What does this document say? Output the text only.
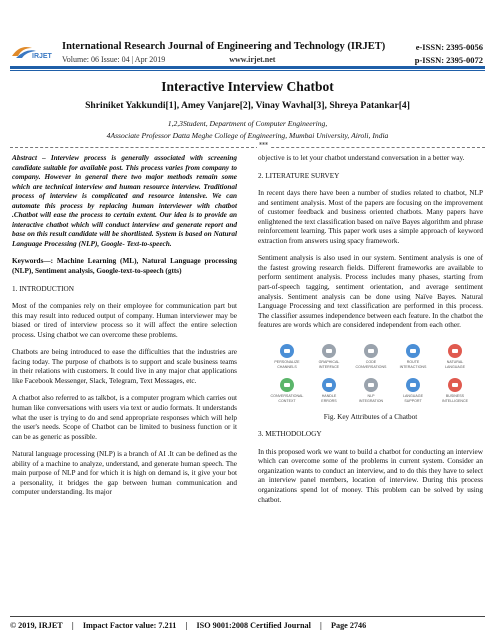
IRJET
International Research Journal of Engineering and Technology (IRJET)
Volume: 06 Issue: 04 | Apr 2019	www.irjet.net
e-ISSN: 2395-0056
p-ISSN: 2395-0072
Interactive Interview Chatbot
Shriniket Yakkundi[1], Amey Vanjare[2], Vinay Wavhal[3], Shreya Patankar[4]
1,2,3Student, Department of Computer Engineering,
4Associate Professor Datta Meghe College of Engineering, Mumbai University, Airoli, India
***

Abstract – Interview process is generally associated with screening candidate suitable for available post. This process varies from company to company. However in general there two major methods remain some which are technical interview and human resource interview. Traditional process of interview is complicated and resource intensive. We can automate this process by replacing human interviewer with chatbot .Chatbot will ease the process to certain extent. Our idea is to provide an interactive chatbot which will conduct interview and generate report and base on this result candidate will be shortlisted. System is based on Natural Language Processing (NLP), Google- Text-to-speech.

Keywords—: Machine Learning (ML), Natural Language processing (NLP), Sentiment analysis, Google-text-to-speech (gtts)

1. INTRODUCTION

Most of the companies rely on their employee for communication part but this may result into reduced output of company. Human interviewer may be biased or tired of interview process so it will affect the entire selection process. Using chatbot we can overcome these problems.

Chatbots are being introduced to ease the difficulties that the industries are facing today. The purpose of chatbots is to support and scale business teams in their relations with customers. It could live in any major chat applications like Facebook Messenger, Slack, Telegram, Text Messages, etc.

A chatbot also referred to as talkbot, is a computer program which carries out human like conversations with users via text or audio formats. It understands what the user is trying to do and send appropriate responses which will help the user's needs. Scope of Chatbot can be limited to business function or it can be as generic as possible.

Natural language processing (NLP) is a branch of AI .It can be defined as the ability of a machine to analyze, understand, and generate human speech. The main purpose of NLP and for which it is high on demand is, it give your bot a personality, it bridges the gap between human communication and computer understanding. Its major

objective is to let your chatbot understand conversation in a better way.

2. LITERATURE SURVEY

In recent days there have been a number of studies related to chatbot, NLP and sentiment analysis. Most of the papers are focusing on the improvement of customer feedback and business oriented chatbots. Many papers have enlightened the text classification based on naïve Bayes algorithm and phrase reinforcement learning. This paper work uses a simple approach of keyword extraction from answers using spacy framework.

Sentiment analysis is also used in our system. Sentiment analysis is one of the fastest growing research fields. Different frameworks are available to perform sentiment analysis. Process includes many phases, starting from part-of-speech tagging, sentiment orientation, and average sentiment analysis. Sentiment analysis can be done using Naïve Bayes. Natural Language Processing and text classification are performed in this process. The classifier assumes independence between each feature. In the chatbot the features are words which are considered independent from each other.

PERSONALIZE
CHANNELS
GRAPHICAL
INTERFACE
CODE
CONVERSATIONS
ROUTE
INTERACTIONS
NATURAL
LANGUAGE
CONVERSATIONAL
CONTEXT
HANDLE
ERRORS
NLP
INTEGRATION
LANGUAGE
SUPPORT
BUSINESS
INTELLIGENCE

Fig. Key Attributes of a Chatbot

3. METHODOLOGY

In this proposed work we want to build a chatbot for conducting an interview which can overcome some of the problems in current system. Consider an organization wants to conduct an interview, and to do this they have to select an interview panel members, location of interview. During this process organizations spend lot of money. This problem can be solved by using chatbot.

© 2019, IRJET | Impact Factor value: 7.211 | ISO 9001:2008 Certified Journal | Page 2746
